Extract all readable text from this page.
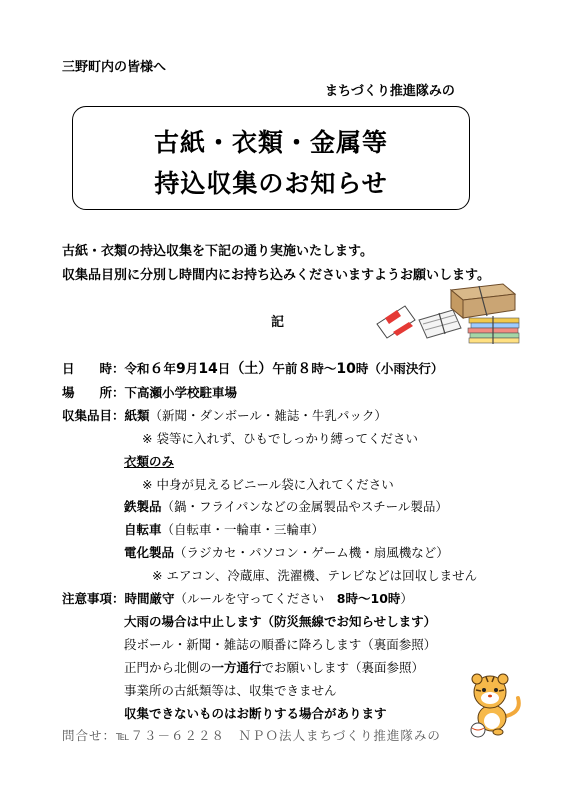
三野町内の皆様へ
まちづくり推進隊みの
古紙・衣類・金属等
持込収集のお知らせ
古紙・衣類の持込収集を下記の通り実施いたします。
収集品目別に分別し時間内にお持ち込みくださいますようお願いします。
記
日　　時：令和６年9月14日（土）午前８時～10時（小雨決行）
場　　所：下高瀬小学校駐車場
収集品目：紙類（新聞・ダンボール・雑誌・牛乳パック）
※ 袋等に入れず、ひもでしっかり縛ってください
衣類のみ
※ 中身が見えるビニール袋に入れてください
鉄製品（鍋・フライパンなどの金属製品やスチール製品）
自転車（自転車・一輪車・三輪車）
電化製品（ラジカセ・パソコン・ゲーム機・扇風機など）
※ エアコン、冷蔵庫、洗濯機、テレビなどは回収しません
注意事項：時間厳守（ルールを守ってください　8時～10時）
大雨の場合は中止します（防災無線でお知らせします）
段ボール・新聞・雑誌の順番に降ろします（裏面参照）
正門から北側の一方通行でお願いします（裏面参照）
事業所の古紙類等は、収集できません
収集できないものはお断りする場合があります
問合せ：℡７３－６２２８　 ＮＰＯ法人まちづくり推進隊みの
